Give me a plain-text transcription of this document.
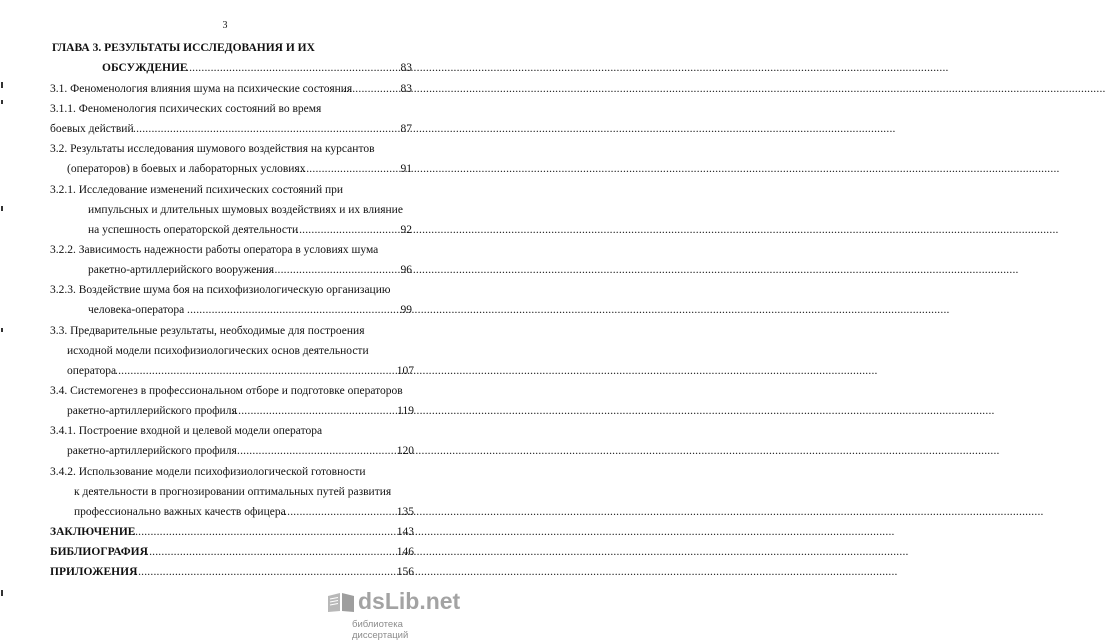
3
ГЛАВА 3. РЕЗУЛЬТАТЫ ИССЛЕДОВАНИЯ И ИХ
ОБСУЖДЕНИЕ .....	83
3.1. Феноменология влияния шума на психические состояния .....	83
3.1.1. Феноменология психических состояний во время
боевых действий .....	87
3.2. Результаты исследования шумового воздействия на курсантов
(операторов) в боевых и лабораторных условиях .....	91
3.2.1. Исследование изменений психических состояний при
импульсных и длительных шумовых воздействиях и их влияние
на успешность операторской деятельности .....	92
3.2.2. Зависимость надежности работы оператора в условиях шума
ракетно-артиллерийского вооружения .....	96
3.2.3. Воздействие шума боя на психофизиологическую организацию
человека-оператора .....	99
3.3. Предварительные результаты, необходимые для построения
исходной модели психофизиологических основ деятельности
оператора .....	107
3.4. Системогенез в профессиональном отборе и подготовке операторов
ракетно-артиллерийского профиля .....	119
3.4.1. Построение входной и целевой модели оператора
ракетно-артиллерийского профиля .....	120
3.4.2. Использование модели психофизиологической готовности
к деятельности в прогнозировании оптимальных путей развития
профессионально важных качеств офицера .....	135
ЗАКЛЮЧЕНИЕ .....	143
БИБЛИОГРАФИЯ .....	146
ПРИЛОЖЕНИЯ .....	156
dsLib.net
библиотека диссертаций
